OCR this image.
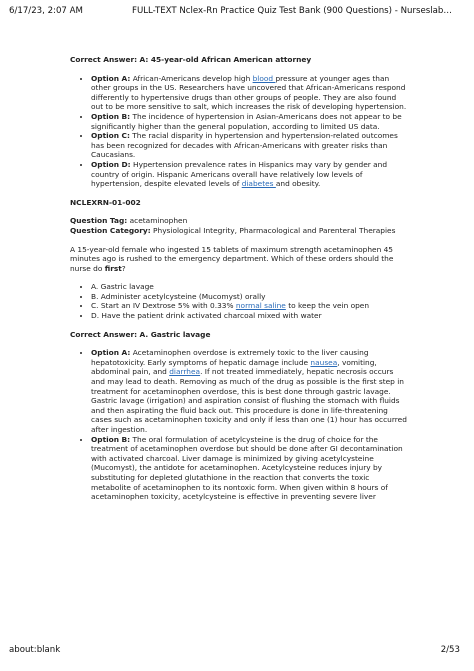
6/17/23, 2:07 AM	FULL-TEXT Nclex-Rn Practice Quiz Test Bank (900 Questions) - Nurseslab…

Correct Answer: A: 45-year-old African American attorney

• Option A: African-Americans develop high blood pressure at younger ages than other groups in the US. Researchers have uncovered that African-Americans respond differently to hypertensive drugs than other groups of people. They are also found out to be more sensitive to salt, which increases the risk of developing hypertension.
• Option B: The incidence of hypertension in Asian-Americans does not appear to be significantly higher than the general population, according to limited US data.
• Option C: The racial disparity in hypertension and hypertension-related outcomes has been recognized for decades with African-Americans with greater risks than Caucasians.
• Option D: Hypertension prevalence rates in Hispanics may vary by gender and country of origin. Hispanic Americans overall have relatively low levels of hypertension, despite elevated levels of diabetes and obesity.

NCLEXRN-01-002

Question Tag: acetaminophen

Question Category: Physiological Integrity, Pharmacological and Parenteral Therapies

A 15-year-old female who ingested 15 tablets of maximum strength acetaminophen 45 minutes ago is rushed to the emergency department. Which of these orders should the nurse do first?

• A. Gastric lavage
• B. Administer acetylcysteine (Mucomyst) orally
• C. Start an IV Dextrose 5% with 0.33% normal saline to keep the vein open
• D. Have the patient drink activated charcoal mixed with water

Correct Answer: A. Gastric lavage

• Option A: Acetaminophen overdose is extremely toxic to the liver causing hepatotoxicity. Early symptoms of hepatic damage include nausea, vomiting, abdominal pain, and diarrhea. If not treated immediately, hepatic necrosis occurs and may lead to death. Removing as much of the drug as possible is the first step in treatment for acetaminophen overdose, this is best done through gastric lavage. Gastric lavage (irrigation) and aspiration consist of flushing the stomach with fluids and then aspirating the fluid back out. This procedure is done in life-threatening cases such as acetaminophen toxicity and only if less than one (1) hour has occurred after ingestion.
• Option B: The oral formulation of acetylcysteine is the drug of choice for the treatment of acetaminophen overdose but should be done after GI decontamination with activated charcoal. Liver damage is minimized by giving acetylcysteine (Mucomyst), the antidote for acetaminophen. Acetylcysteine reduces injury by substituting for depleted glutathione in the reaction that converts the toxic metabolite of acetaminophen to its nontoxic form. When given within 8 hours of acetaminophen toxicity, acetylcysteine is effective in preventing severe liver
about:blank	2/53
